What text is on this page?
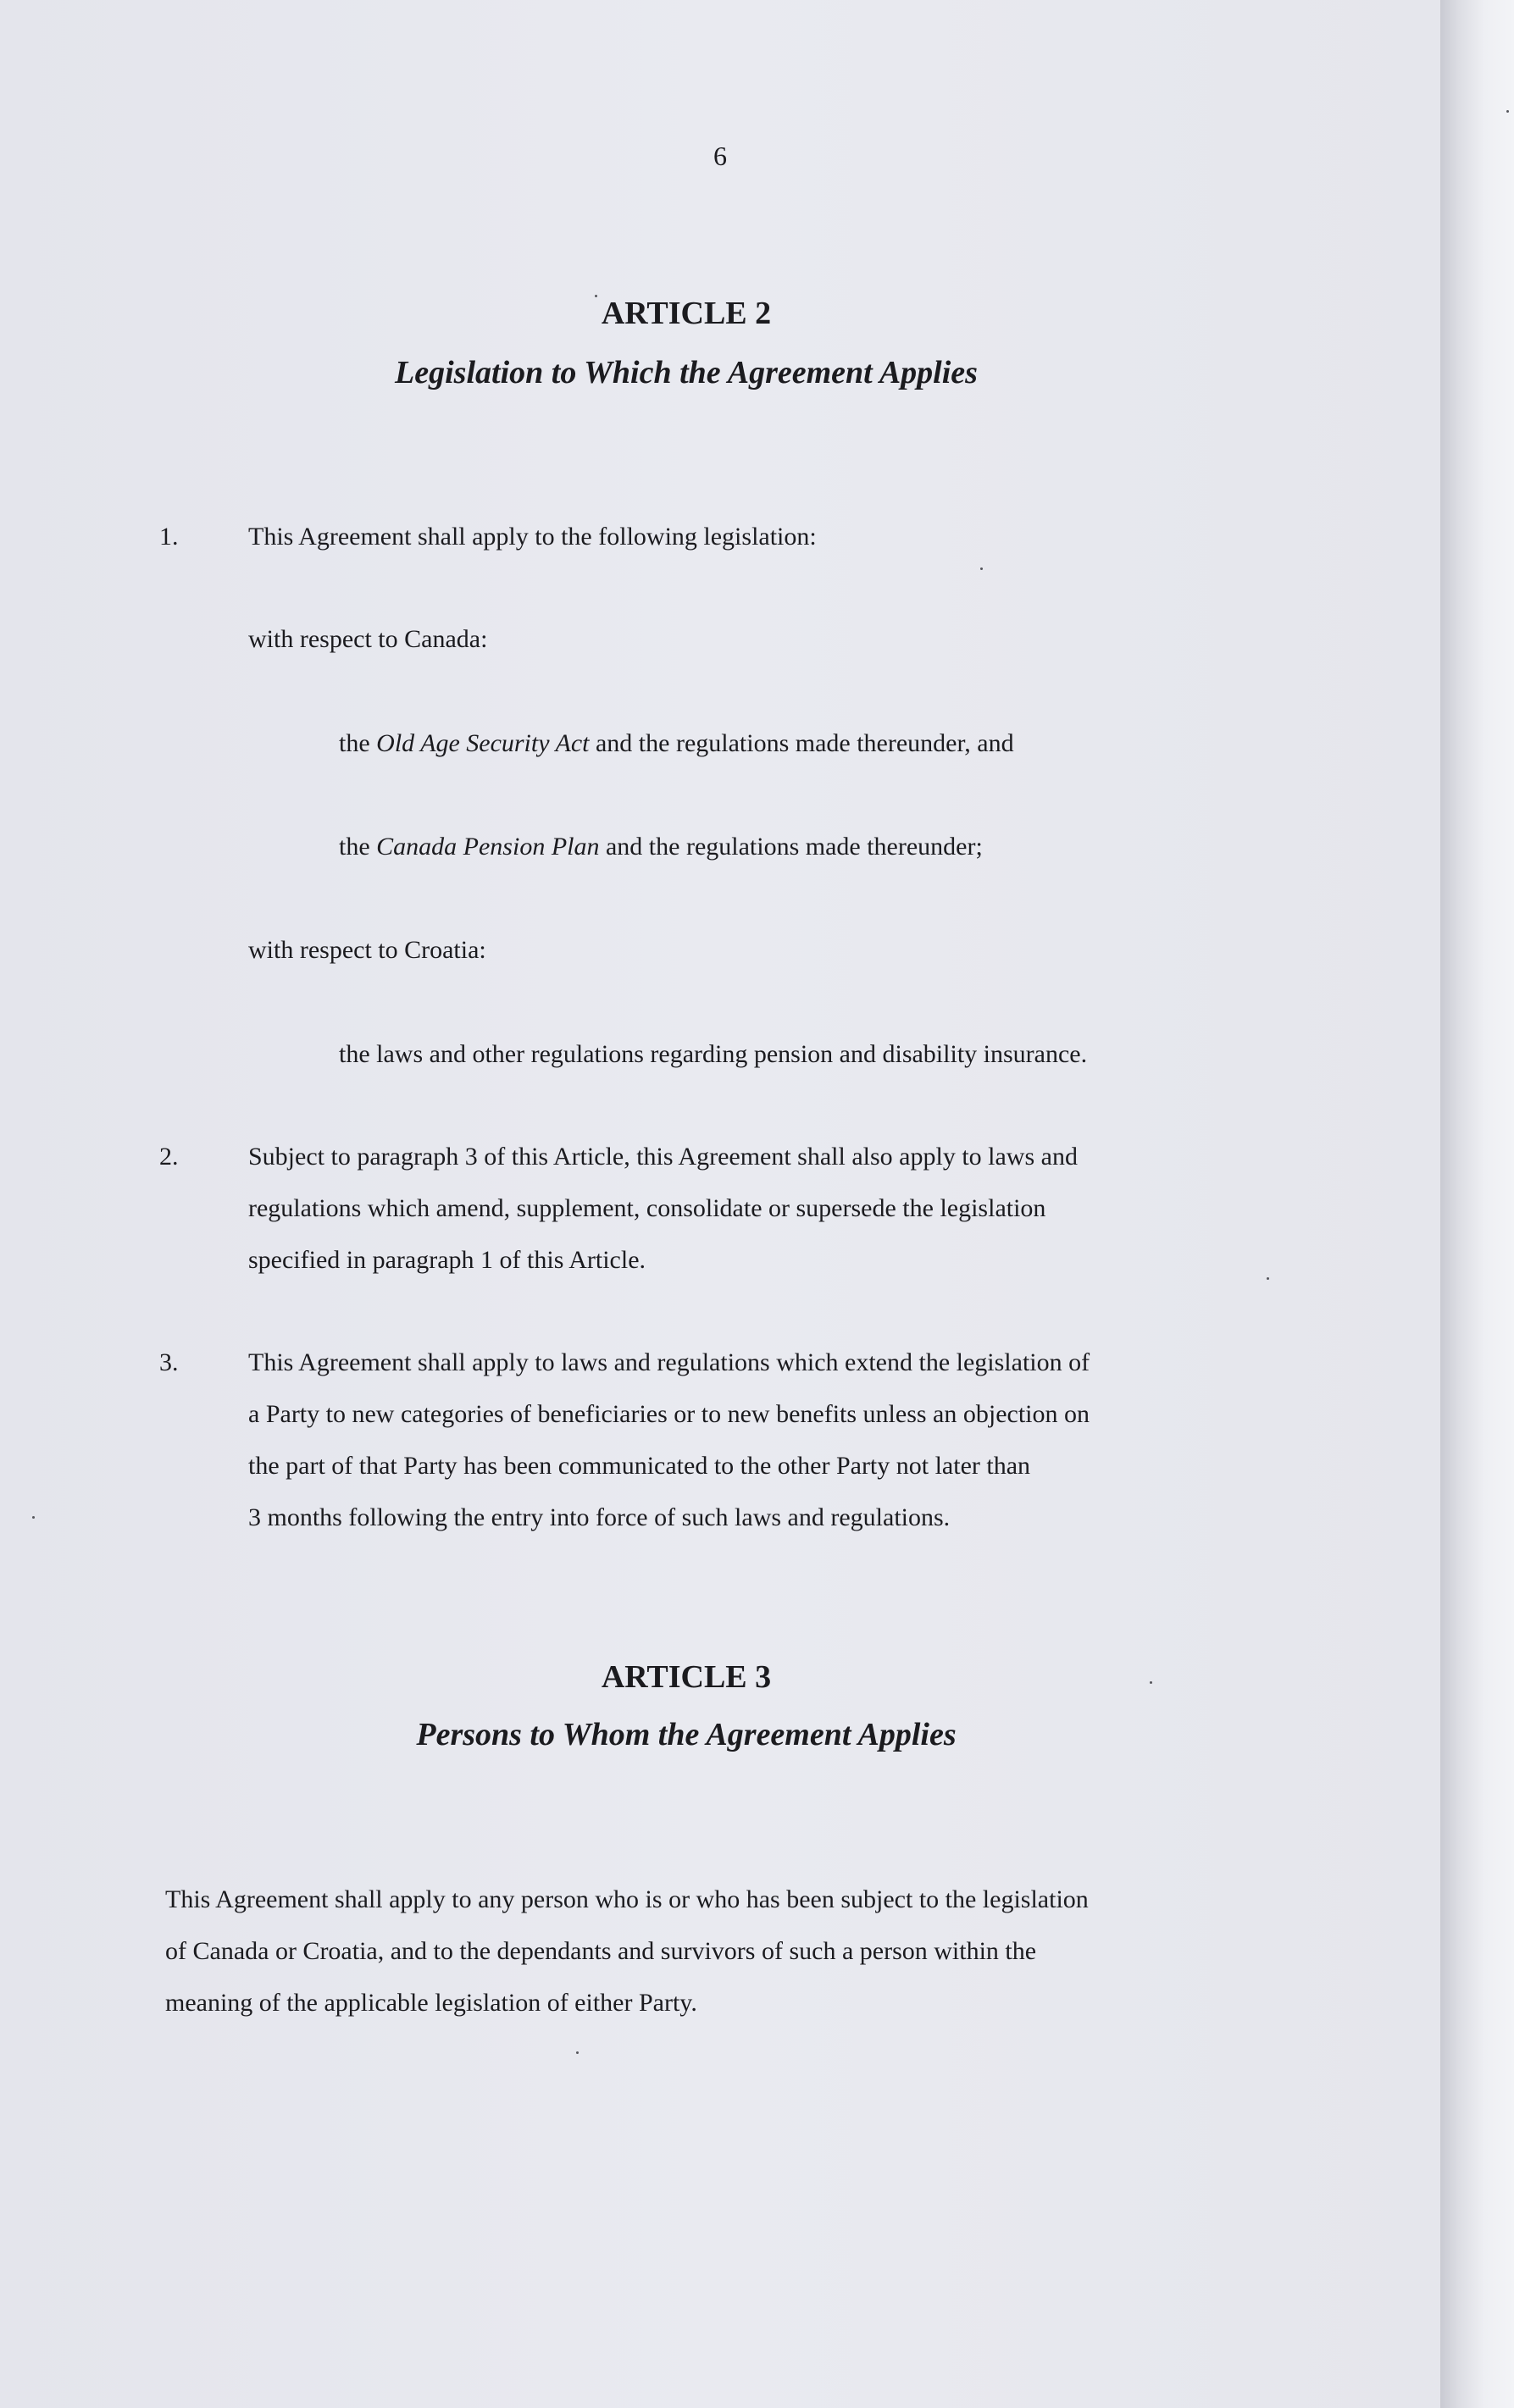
6

ARTICLE 2
Legislation to Which the Agreement Applies
1.	This Agreement shall apply to the following legislation:

with respect to Canada:

the Old Age Security Act and the regulations made thereunder, and

the Canada Pension Plan and the regulations made thereunder;

with respect to Croatia:

the laws and other regulations regarding pension and disability insurance.

2.	Subject to paragraph 3 of this Article, this Agreement shall also apply to laws and

regulations which amend, supplement, consolidate or supersede the legislation

specified in paragraph 1 of this Article.

3.	This Agreement shall apply to laws and regulations which extend the legislation of

a Party to new categories of beneficiaries or to new benefits unless an objection on

the part of that Party has been communicated to the other Party not later than

3 months following the entry into force of such laws and regulations.

ARTICLE 3
Persons to Whom the Agreement Applies

This Agreement shall apply to any person who is or who has been subject to the legislation

of Canada or Croatia, and to the dependants and survivors of such a person within the

meaning of the applicable legislation of either Party.
